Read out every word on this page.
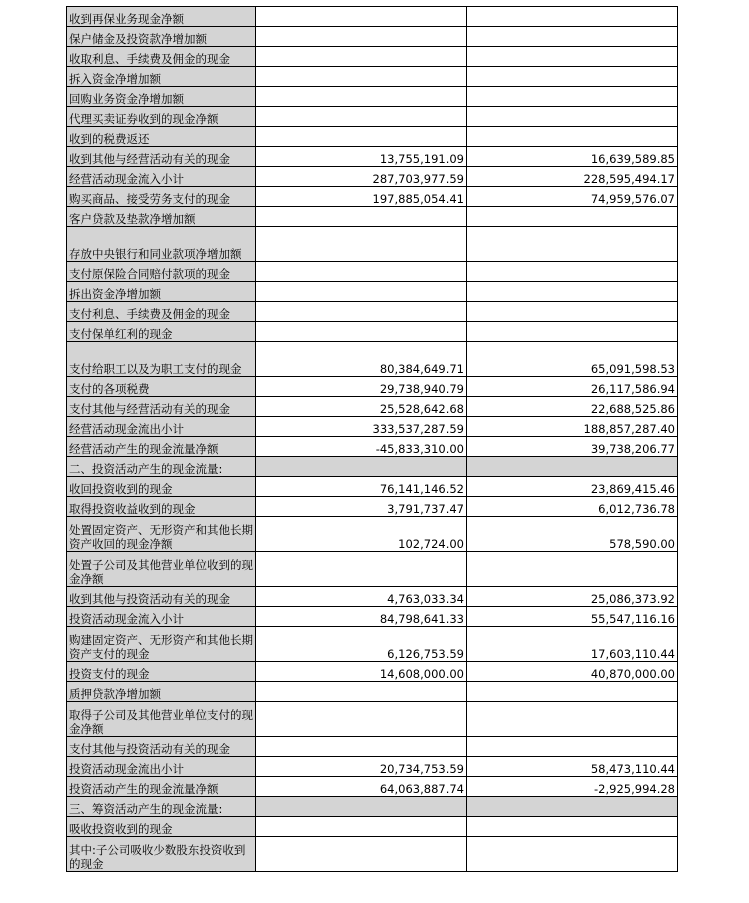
收到再保业务现金净额		
保户储金及投资款净增加额		
收取利息、手续费及佣金的现金		
拆入资金净增加额		
回购业务资金净增加额		
代理买卖证券收到的现金净额		
收到的税费返还		
收到其他与经营活动有关的现金	13,755,191.09	16,639,589.85
经营活动现金流入小计	287,703,977.59	228,595,494.17
购买商品、接受劳务支付的现金	197,885,054.41	74,959,576.07
客户贷款及垫款净增加额		
存放中央银行和同业款项净增加额		
支付原保险合同赔付款项的现金		
拆出资金净增加额		
支付利息、手续费及佣金的现金		
支付保单红利的现金		
支付给职工以及为职工支付的现金	80,384,649.71	65,091,598.53
支付的各项税费	29,738,940.79	26,117,586.94
支付其他与经营活动有关的现金	25,528,642.68	22,688,525.86
经营活动现金流出小计	333,537,287.59	188,857,287.40
经营活动产生的现金流量净额	-45,833,310.00	39,738,206.77
二、投资活动产生的现金流量:		
收回投资收到的现金	76,141,146.52	23,869,415.46
取得投资收益收到的现金	3,791,737.47	6,012,736.78
处置固定资产、无形资产和其他长期资产收回的现金净额	102,724.00	578,590.00
处置子公司及其他营业单位收到的现金净额		
收到其他与投资活动有关的现金	4,763,033.34	25,086,373.92
投资活动现金流入小计	84,798,641.33	55,547,116.16
购建固定资产、无形资产和其他长期资产支付的现金	6,126,753.59	17,603,110.44
投资支付的现金	14,608,000.00	40,870,000.00
质押贷款净增加额		
取得子公司及其他营业单位支付的现金净额		
支付其他与投资活动有关的现金		
投资活动现金流出小计	20,734,753.59	58,473,110.44
投资活动产生的现金流量净额	64,063,887.74	-2,925,994.28
三、筹资活动产生的现金流量:		
吸收投资收到的现金		
其中:子公司吸收少数股东投资收到的现金		
